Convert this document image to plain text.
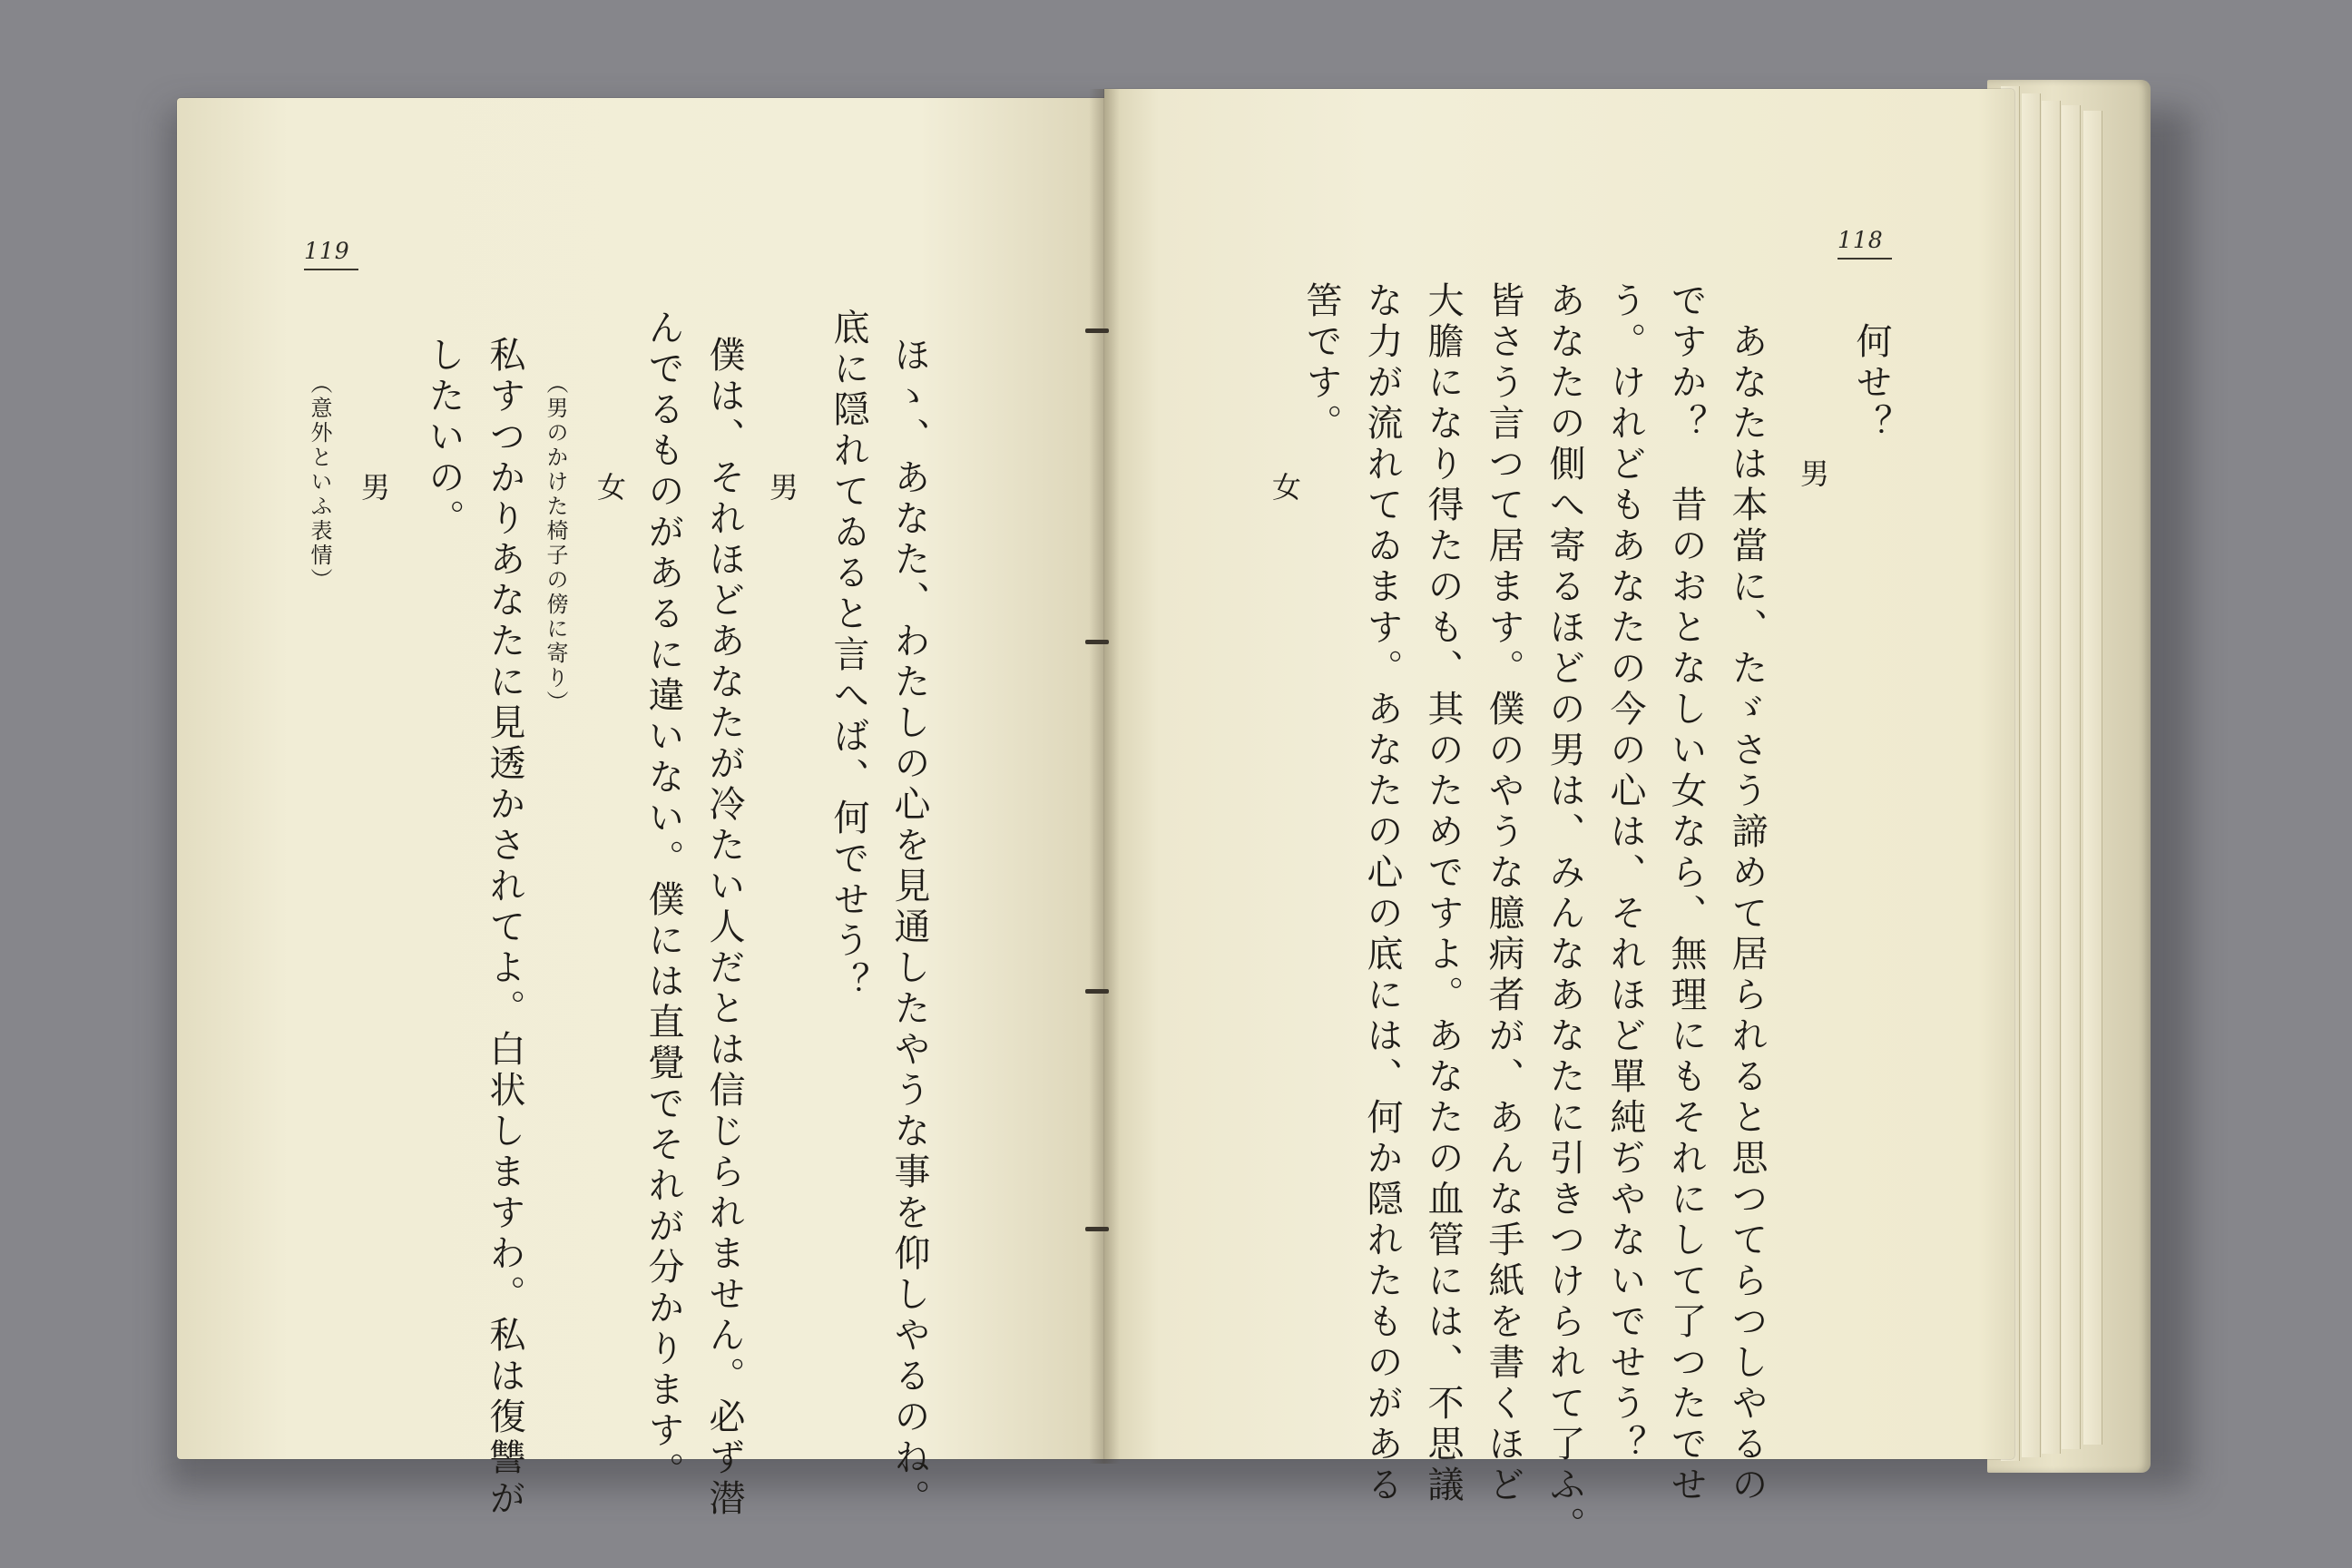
119	118
何せ？
男
あなたは本當に、たゞさう諦めて居られると思つてらつしやるの
ですか？　昔のおとなしい女なら、無理にもそれにして了つたでせ
う。けれどもあなたの今の心は、それほど單純ぢやないでせう？
あなたの側へ寄るほどの男は、みんなあなたに引きつけられて了ふ。
皆さう言つて居ます。僕のやうな臆病者が、あんな手紙を書くほど
大膽になり得たのも、其のためですよ。あなたの血管には、不思議
な力が流れてゐます。あなたの心の底には、何か隠れたものがある
筈です。
女
ほゝ、あなた、わたしの心を見通したやうな事を仰しやるのね。
底に隠れてゐると言へば、何でせう？
男
僕は、それほどあなたが冷たい人だとは信じられません。必ず潜
んでるものがあるに違いない。僕には直覺でそれが分かります。
女
（男のかけた椅子の傍に寄り）
私すつかりあなたに見透かされてよ。白状しますわ。私は復讐が
したいの。
男
（意外といふ表情）
